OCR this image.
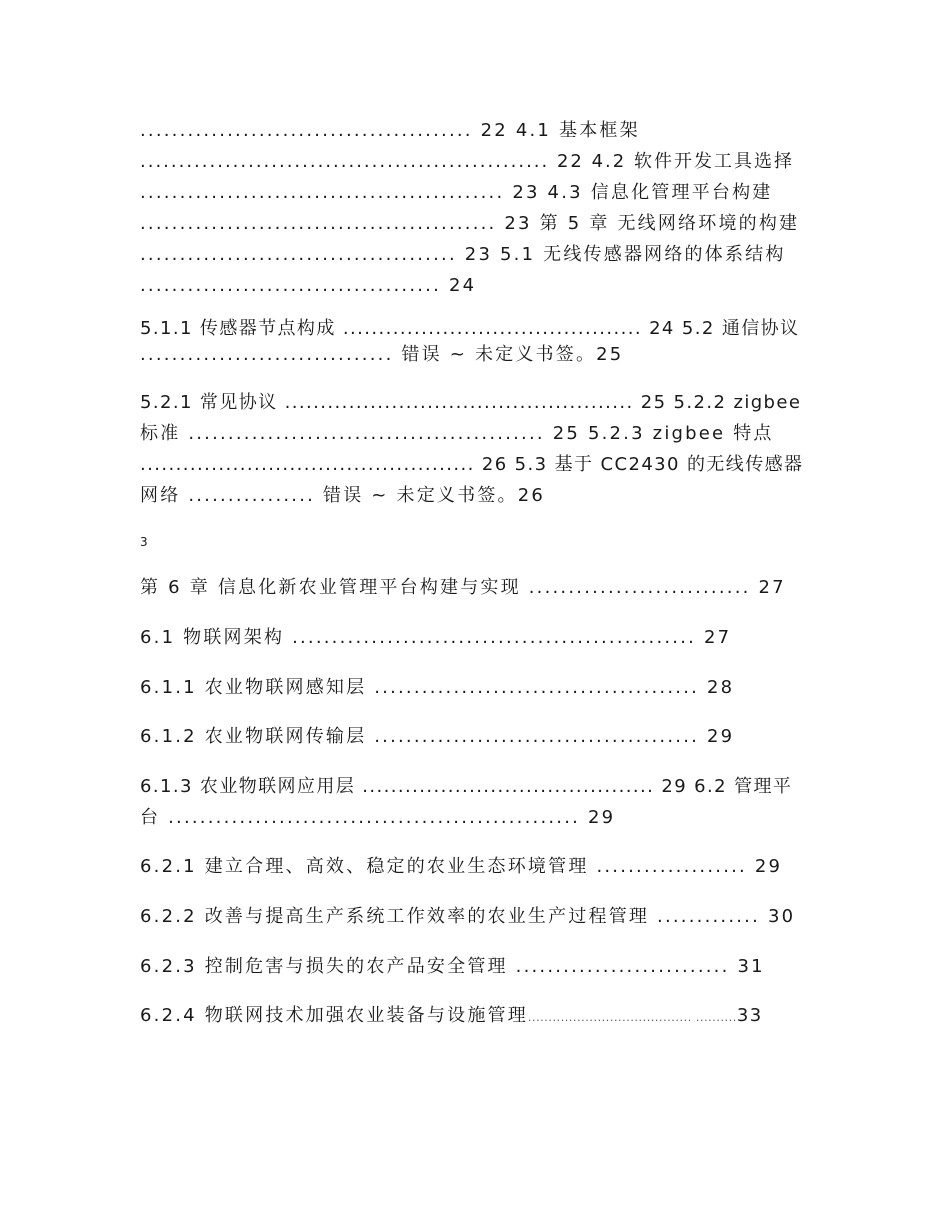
.......................................... 22 4.1 基本框架
..................................................... 22 4.2 软件开发工具选择
.............................................. 23 4.3 信息化管理平台构建
............................................. 23 第 5 章 无线网络环境的构建
........................................ 23 5.1 无线传感器网络的体系结构
...................................... 24
5.1.1 传感器节点构成 .......................................... 24 5.2 通信协议
................................ 错误 ~ 未定义书签。25
5.2.1 常见协议 ................................................. 25 5.2.2 zigbee
标准 ............................................. 25 5.2.3 zigbee 特点
............................................... 26 5.3 基于 CC2430 的无线传感器
网络 ................ 错误 ~ 未定义书签。26
3
第 6 章 信息化新农业管理平台构建与实现 ............................ 27
6.1 物联网架构 ................................................... 27
6.1.1 农业物联网感知层 ......................................... 28
6.1.2 农业物联网传输层 ......................................... 29
6.1.3 农业物联网应用层 ......................................... 29 6.2 管理平
台 .................................................... 29
6.2.1 建立合理、高效、稳定的农业生态环境管理 ................... 29
6.2.2 改善与提高生产系统工作效率的农业生产过程管理 ............. 30
6.2.3 控制危害与损失的农产品安全管理 ........................... 31
6.2.4 物联网技术加强农业装备与设施管理........................................ ..........33
